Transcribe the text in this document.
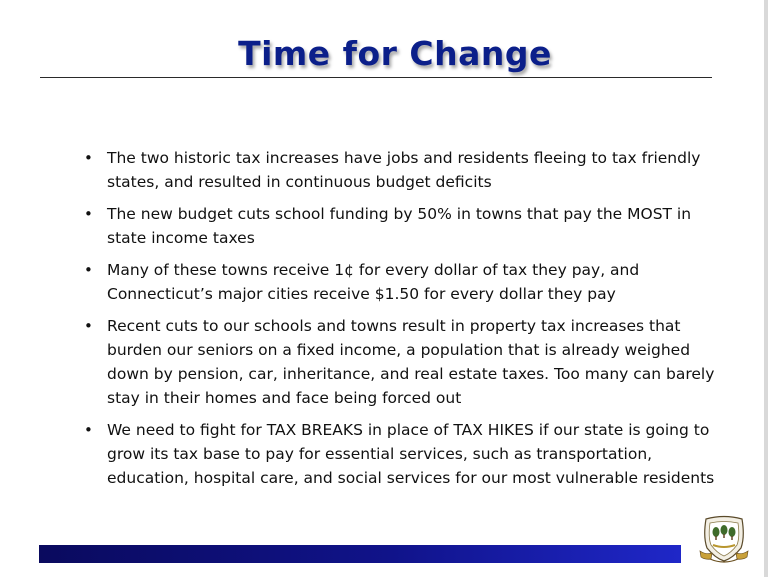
Time for Change
• The two historic tax increases have jobs and residents fleeing to tax friendly states, and resulted in continuous budget deficits
• The new budget cuts school funding by 50% in towns that pay the MOST in state income taxes
• Many of these towns receive 1¢ for every dollar of tax they pay, and Connecticut’s major cities receive $1.50 for every dollar they pay
• Recent cuts to our schools and towns result in property tax increases that burden our seniors on a fixed income, a population that is already weighed down by pension, car, inheritance, and real estate taxes. Too many can barely stay in their homes and face being forced out
• We need to fight for TAX BREAKS in place of TAX HIKES if our state is going to grow its tax base to pay for essential services, such as transportation, education, hospital care, and social services for our most vulnerable residents
